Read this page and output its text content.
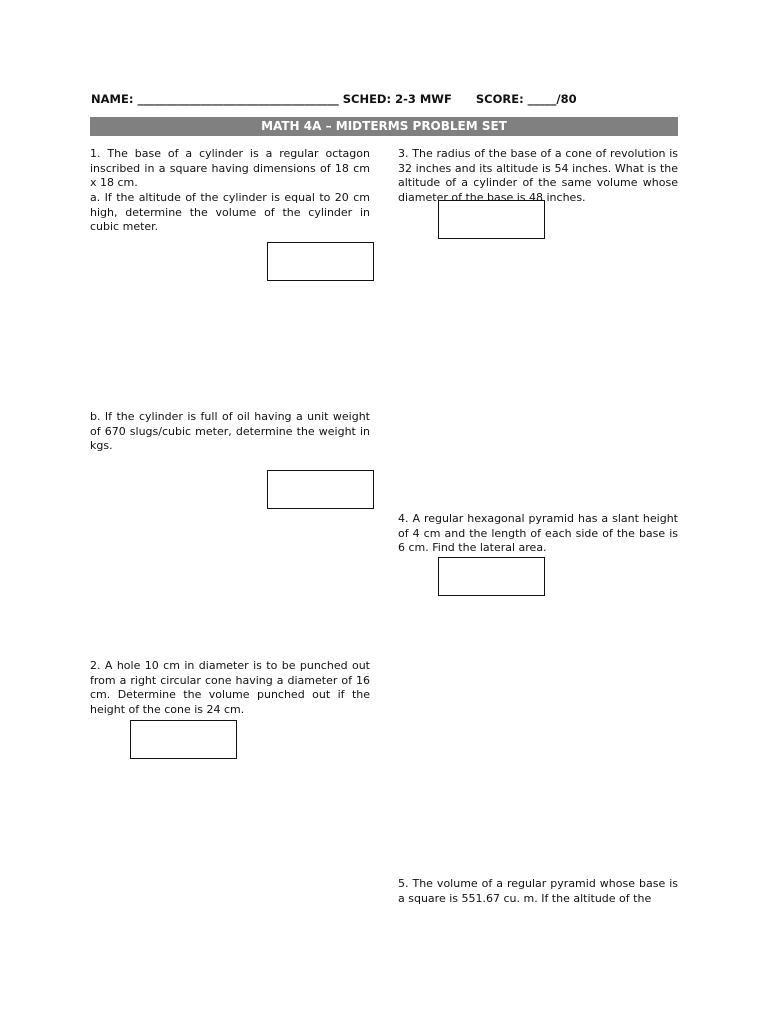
NAME: ___________________________________ SCHED: 2-3 MWF SCORE: _____/80
MATH 4A – MIDTERMS PROBLEM SET
1. The base of a cylinder is a regular octagon inscribed in a square having dimensions of 18 cm x 18 cm.
a. If the altitude of the cylinder is equal to 20 cm high, determine the volume of the cylinder in cubic meter.
b. If the cylinder is full of oil having a unit weight of 670 slugs/cubic meter, determine the weight in kgs.
2. A hole 10 cm in diameter is to be punched out from a right circular cone having a diameter of 16 cm. Determine the volume punched out if the height of the cone is 24 cm.
3. The radius of the base of a cone of revolution is 32 inches and its altitude is 54 inches. What is the altitude of a cylinder of the same volume whose diameter of the base is 48 inches.
4. A regular hexagonal pyramid has a slant height of 4 cm and the length of each side of the base is 6 cm. Find the lateral area.
5. The volume of a regular pyramid whose base is a square is 551.67 cu. m. If the altitude of the
